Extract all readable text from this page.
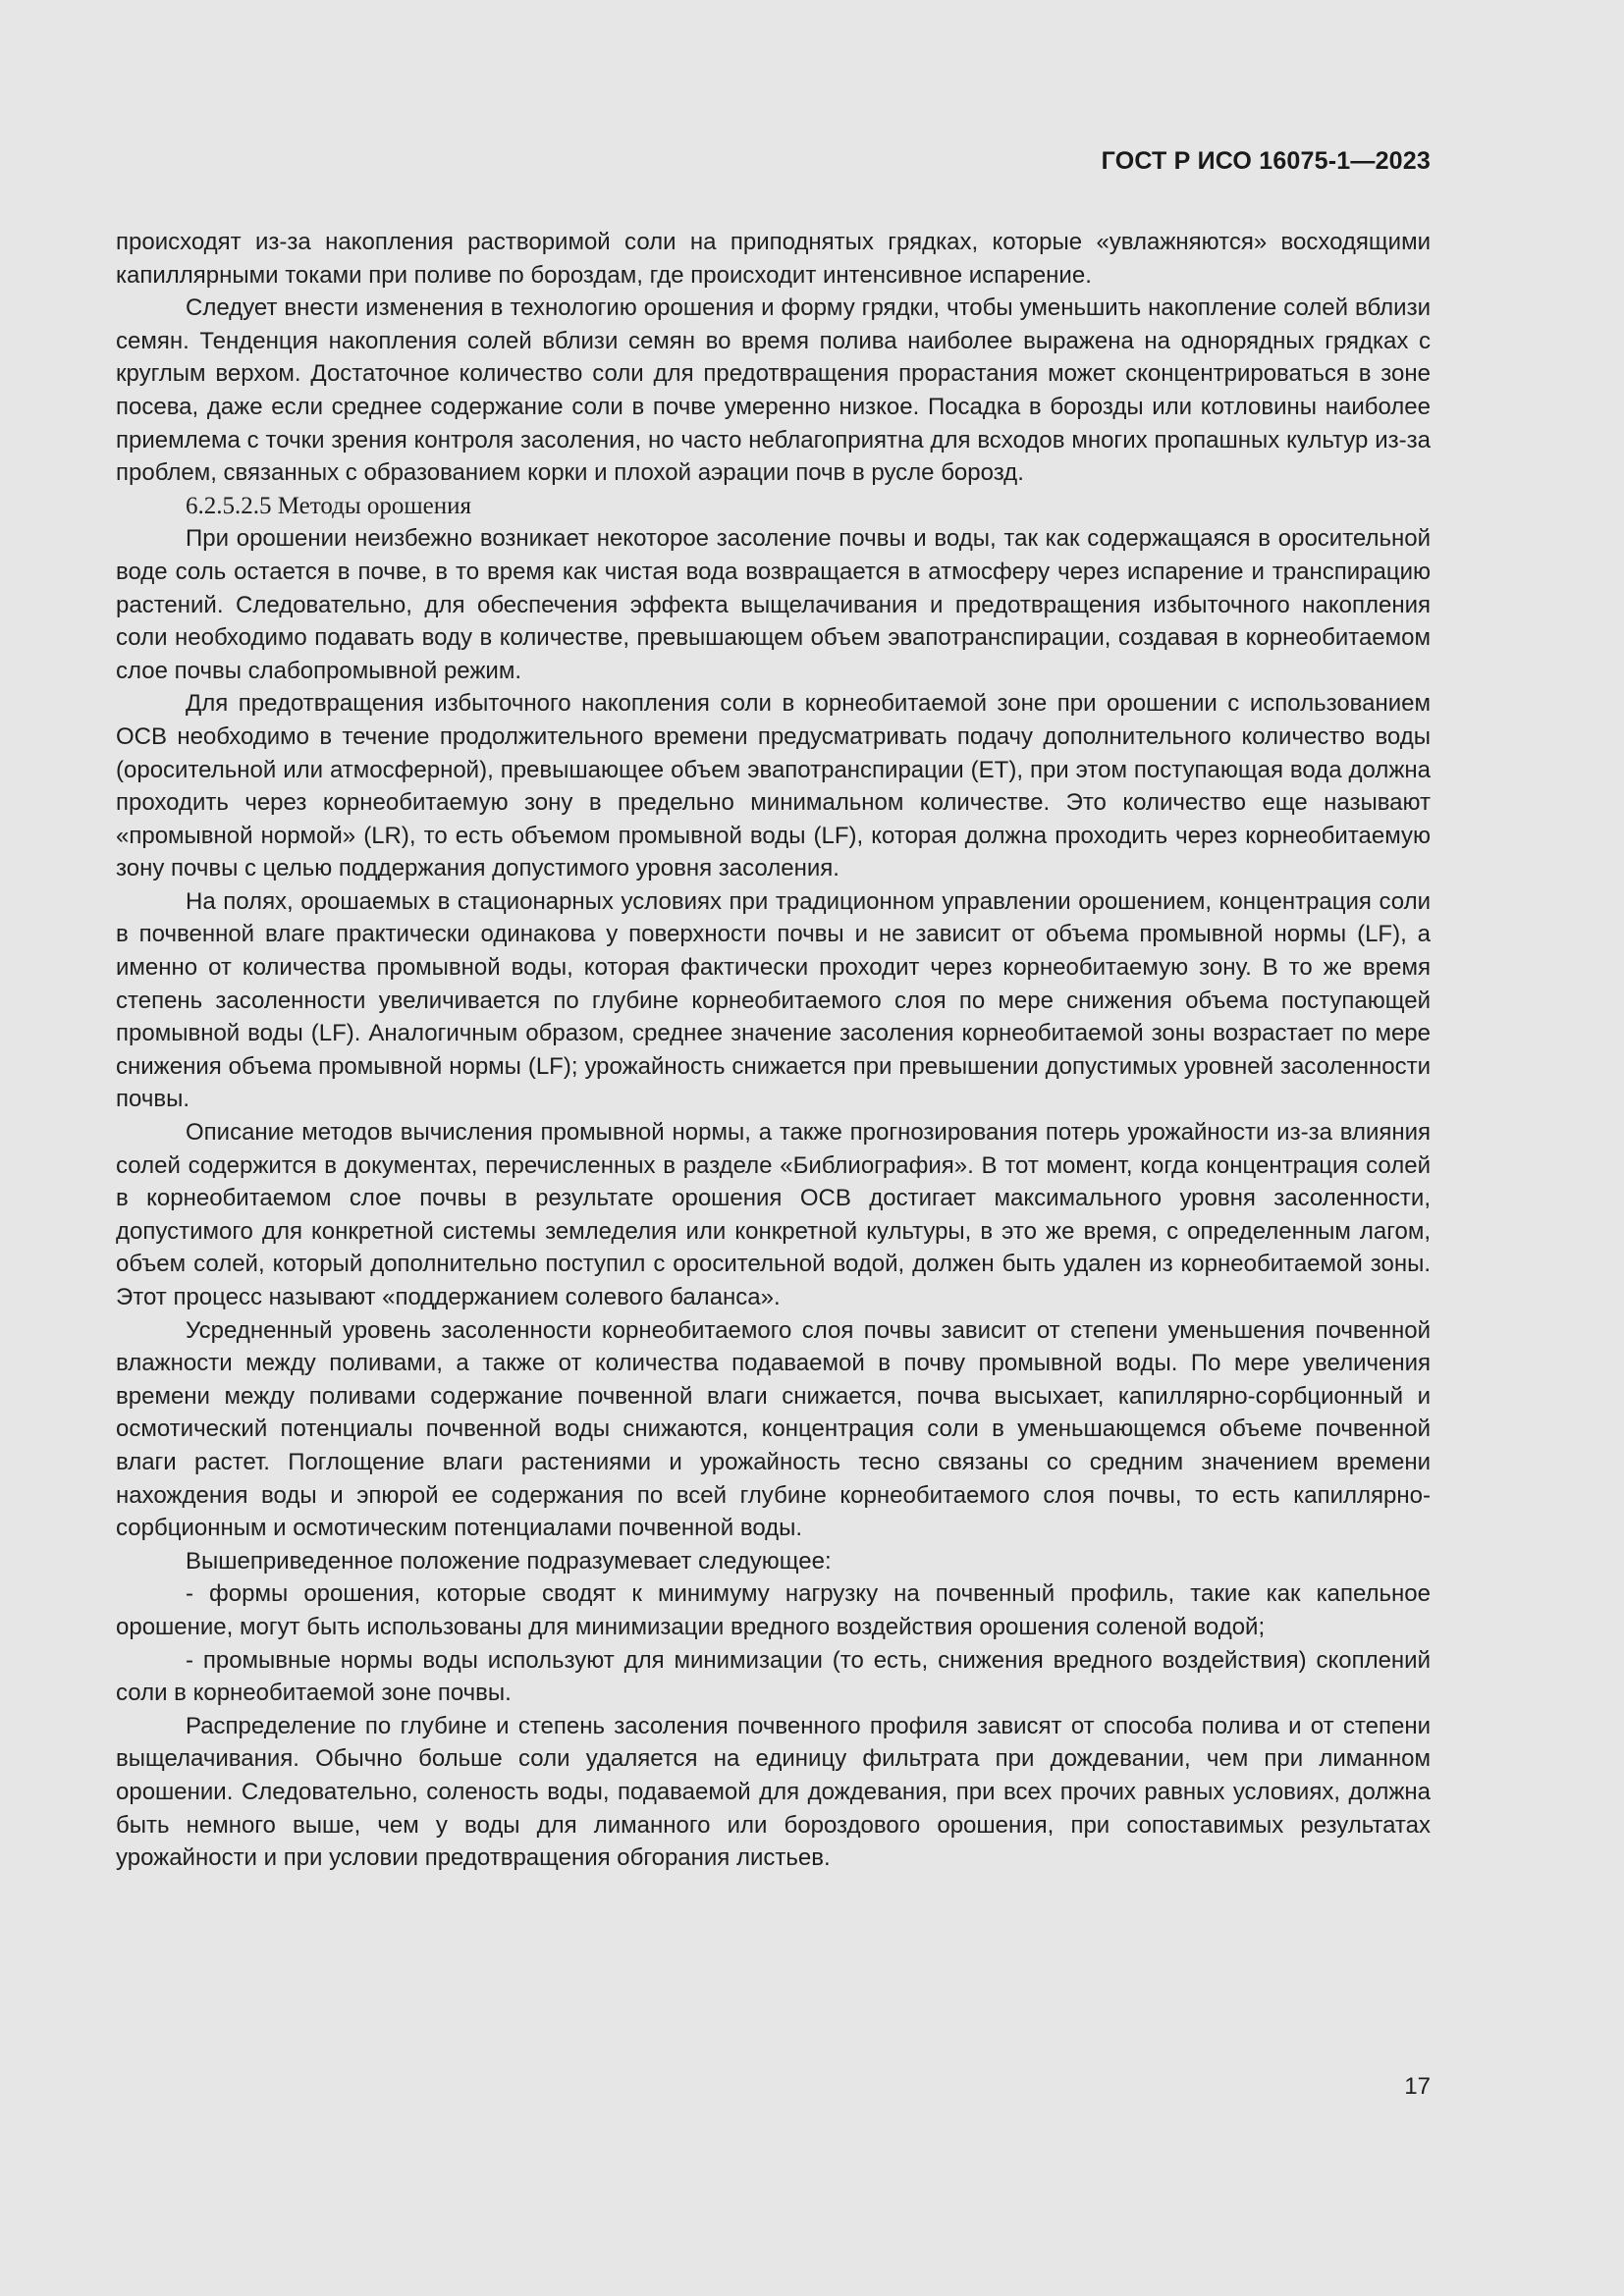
ГОСТ Р ИСО 16075-1—2023

происходят из-за накопления растворимой соли на приподнятых грядках, которые «увлажняются» восходящими капиллярными токами при поливе по бороздам, где происходит интенсивное испарение.

Следует внести изменения в технологию орошения и форму грядки, чтобы уменьшить накопление солей вблизи семян. Тенденция накопления солей вблизи семян во время полива наиболее выражена на однорядных грядках с круглым верхом. Достаточное количество соли для предотвращения прорастания может сконцентрироваться в зоне посева, даже если среднее содержание соли в почве умеренно низкое. Посадка в борозды или котловины наиболее приемлема с точки зрения контроля засоления, но часто неблагоприятна для всходов многих пропашных культур из-за проблем, связанных с образованием корки и плохой аэрации почв в русле борозд.

6.2.5.2.5 Методы орошения

При орошении неизбежно возникает некоторое засоление почвы и воды, так как содержащаяся в оросительной воде соль остается в почве, в то время как чистая вода возвращается в атмосферу через испарение и транспирацию растений. Следовательно, для обеспечения эффекта выщелачивания и предотвращения избыточного накопления соли необходимо подавать воду в количестве, превышающем объем эвапотранспирации, создавая в корнеобитаемом слое почвы слабопромывной режим.

Для предотвращения избыточного накопления соли в корнеобитаемой зоне при орошении с использованием ОСВ необходимо в течение продолжительного времени предусматривать подачу дополнительного количество воды (оросительной или атмосферной), превышающее объем эвапотранспирации (ET), при этом поступающая вода должна проходить через корнеобитаемую зону в предельно минимальном количестве. Это количество еще называют «промывной нормой» (LR), то есть объемом промывной воды (LF), которая должна проходить через корнеобитаемую зону почвы с целью поддержания допустимого уровня засоления.

На полях, орошаемых в стационарных условиях при традиционном управлении орошением, концентрация соли в почвенной влаге практически одинакова у поверхности почвы и не зависит от объема промывной нормы (LF), а именно от количества промывной воды, которая фактически проходит через корнеобитаемую зону. В то же время степень засоленности увеличивается по глубине корнеобитаемого слоя по мере снижения объема поступающей промывной воды (LF). Аналогичным образом, среднее значение засоления корнеобитаемой зоны возрастает по мере снижения объема промывной нормы (LF); урожайность снижается при превышении допустимых уровней засоленности почвы.

Описание методов вычисления промывной нормы, а также прогнозирования потерь урожайности из-за влияния солей содержится в документах, перечисленных в разделе «Библиография». В тот момент, когда концентрация солей в корнеобитаемом слое почвы в результате орошения ОСВ достигает максимального уровня засоленности, допустимого для конкретной системы земледелия или конкретной культуры, в это же время, с определенным лагом, объем солей, который дополнительно поступил с оросительной водой, должен быть удален из корнеобитаемой зоны. Этот процесс называют «поддержанием солевого баланса».

Усредненный уровень засоленности корнеобитаемого слоя почвы зависит от степени уменьшения почвенной влажности между поливами, а также от количества подаваемой в почву промывной воды. По мере увеличения времени между поливами содержание почвенной влаги снижается, почва высыхает, капиллярно-сорбционный и осмотический потенциалы почвенной воды снижаются, концентрация соли в уменьшающемся объеме почвенной влаги растет. Поглощение влаги растениями и урожайность тесно связаны со средним значением времени нахождения воды и эпюрой ее содержания по всей глубине корнеобитаемого слоя почвы, то есть капиллярно-сорбционным и осмотическим потенциалами почвенной воды.

Вышеприведенное положение подразумевает следующее:

- формы орошения, которые сводят к минимуму нагрузку на почвенный профиль, такие как капельное орошение, могут быть использованы для минимизации вредного воздействия орошения соленой водой;

- промывные нормы воды используют для минимизации (то есть, снижения вредного воздействия) скоплений соли в корнеобитаемой зоне почвы.

Распределение по глубине и степень засоления почвенного профиля зависят от способа полива и от степени выщелачивания. Обычно больше соли удаляется на единицу фильтрата при дождевании, чем при лиманном орошении. Следовательно, соленость воды, подаваемой для дождевания, при всех прочих равных условиях, должна быть немного выше, чем у воды для лиманного или бороздового орошения, при сопоставимых результатах урожайности и при условии предотвращения обгорания листьев.

17
